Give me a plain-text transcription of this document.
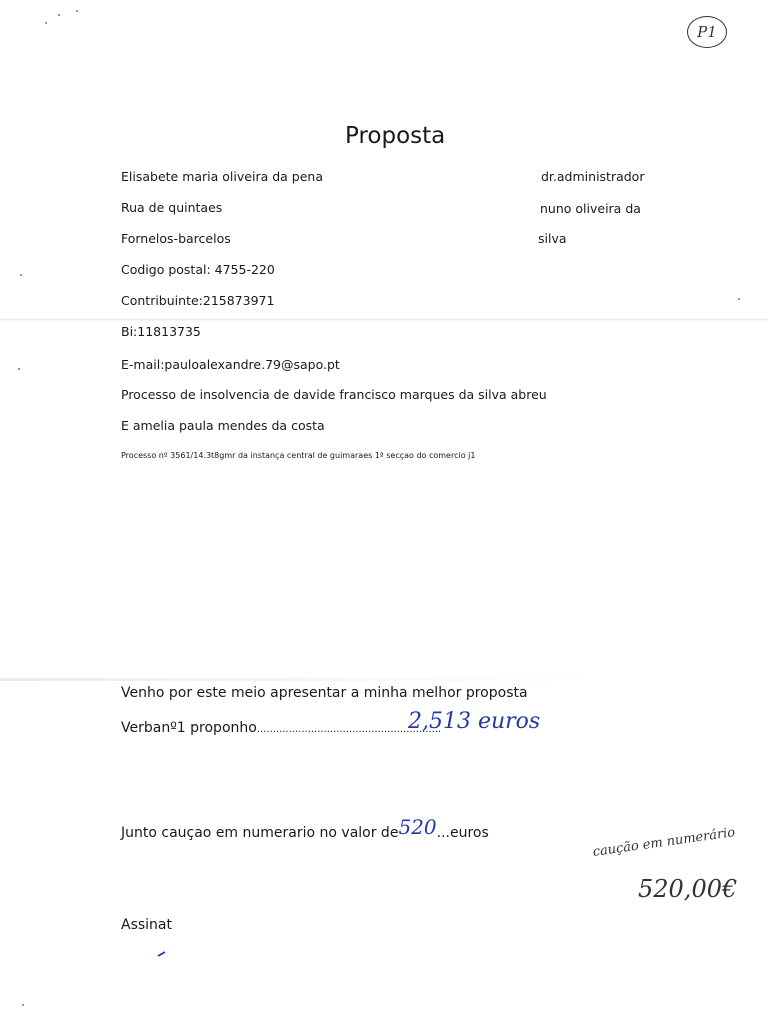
P1
Proposta
Elisabete maria oliveira da pena
Rua de quintaes
Fornelos-barcelos
Codigo postal: 4755-220
Contribuinte:215873971
Bi:11813735
E-mail:pauloalexandre.79@sapo.pt
dr.administrador
nuno oliveira da
silva
Processo de insolvencia de davide francisco marques da silva abreu
E amelia paula mendes da costa
Processo nº 3561/14.3t8gmr da instança central de guimaraes 1ª secçao do comercio j1
Venho por este meio apresentar a minha melhor proposta
Verbanº1 proponho..........................................................
2,513 euros
Junto cauçao em numerario no valor de520...euros	caução em numerário
520,00€
Assinat
